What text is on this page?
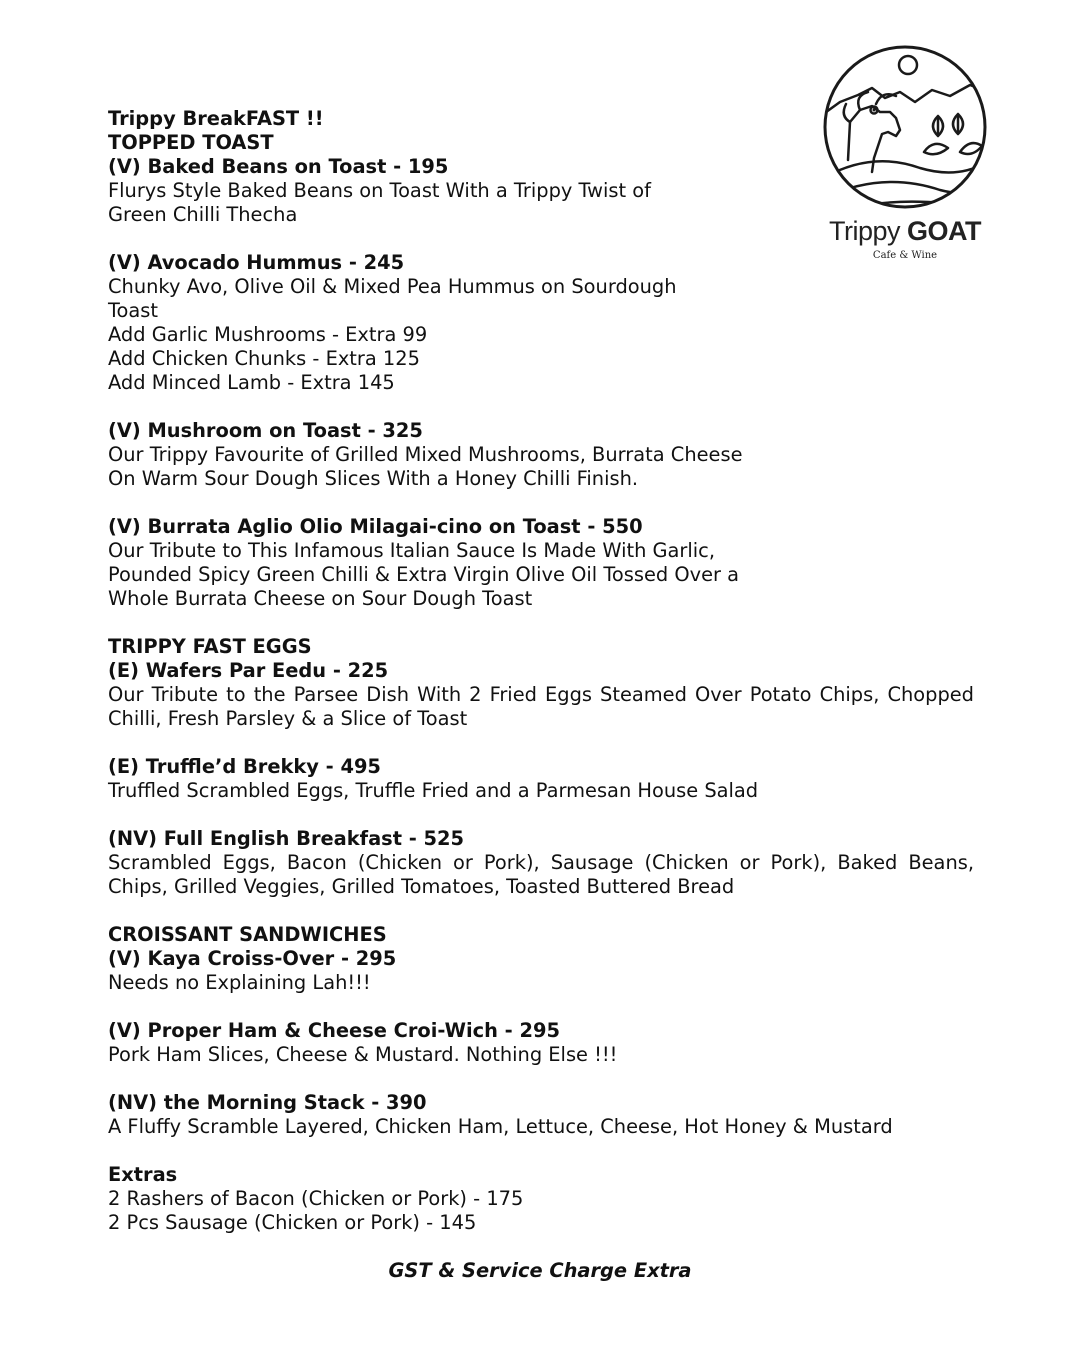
Trippy GOAT
Cafe & Wine
Trippy BreakFAST !!
TOPPED TOAST
(V) Baked Beans on Toast - 195
Flurys Style Baked Beans on Toast With a Trippy Twist of
Green Chilli Thecha
(V) Avocado Hummus - 245
Chunky Avo, Olive Oil & Mixed Pea Hummus on Sourdough
Toast
Add Garlic Mushrooms - Extra 99
Add Chicken Chunks - Extra 125
Add Minced Lamb - Extra 145
(V) Mushroom on Toast - 325
Our Trippy Favourite of Grilled Mixed Mushrooms, Burrata Cheese
On Warm Sour Dough Slices With a Honey Chilli Finish.
(V) Burrata Aglio Olio Milagai-cino on Toast - 550
Our Tribute to This Infamous Italian Sauce Is Made With Garlic,
Pounded Spicy Green Chilli & Extra Virgin Olive Oil Tossed Over a
Whole Burrata Cheese on Sour Dough Toast
TRIPPY FAST EGGS
(E) Wafers Par Eedu - 225
Our Tribute to the Parsee Dish With 2 Fried Eggs Steamed Over Potato Chips, Chopped
Chilli, Fresh Parsley & a Slice of Toast
(E) Truffle’d Brekky - 495
Truffled Scrambled Eggs, Truffle Fried and a Parmesan House Salad
(NV) Full English Breakfast - 525
Scrambled Eggs, Bacon (Chicken or Pork), Sausage (Chicken or Pork), Baked Beans,
Chips, Grilled Veggies, Grilled Tomatoes, Toasted Buttered Bread
CROISSANT SANDWICHES
(V) Kaya Croiss-Over - 295
Needs no Explaining Lah!!!
(V) Proper Ham & Cheese Croi-Wich - 295
Pork Ham Slices, Cheese & Mustard. Nothing Else !!!
(NV) the Morning Stack - 390
A Fluffy Scramble Layered, Chicken Ham, Lettuce, Cheese, Hot Honey & Mustard
Extras
2 Rashers of Bacon (Chicken or Pork) - 175
2 Pcs Sausage (Chicken or Pork) - 145
GST & Service Charge Extra
